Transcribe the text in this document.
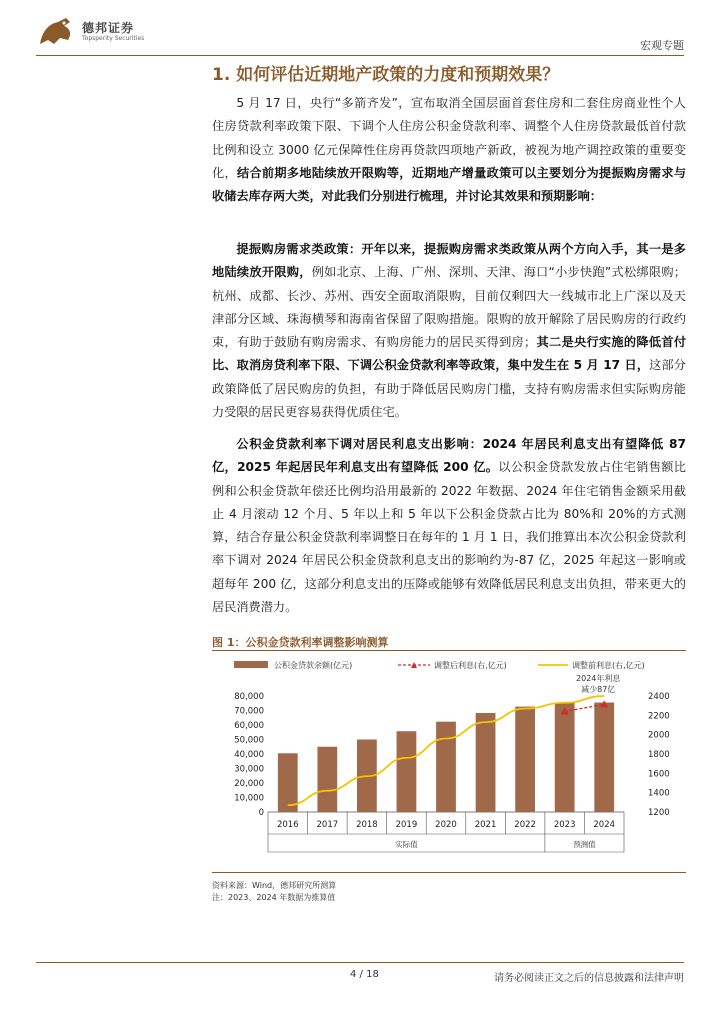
德邦证券
Topsperity Securities
宏观专题
1. 如何评估近期地产政策的力度和预期效果？

5 月 17 日，央行“多箭齐发”，宣布取消全国层面首套住房和二套住房商业性个人住房贷款利率政策下限、下调个人住房公积金贷款利率、调整个人住房贷款最低首付款比例和设立 3000 亿元保障性住房再贷款四项地产新政，被视为地产调控政策的重要变化，结合前期多地陆续放开限购等，近期地产增量政策可以主要划分为提振购房需求与收储去库存两大类，对此我们分别进行梳理，并讨论其效果和预期影响：

提振购房需求类政策：开年以来，提振购房需求类政策从两个方向入手，其一是多地陆续放开限购，例如北京、上海、广州、深圳、天津、海口“小步快跑”式松绑限购；杭州、成都、长沙、苏州、西安全面取消限购，目前仅剩四大一线城市北上广深以及天津部分区域、珠海横琴和海南省保留了限购措施。限购的放开解除了居民购房的行政约束，有助于鼓励有购房需求、有购房能力的居民买得到房；其二是央行实施的降低首付比、取消房贷利率下限、下调公积金贷款利率等政策，集中发生在 5 月 17 日，这部分政策降低了居民购房的负担，有助于降低居民购房门槛，支持有购房需求但实际购房能力受限的居民更容易获得优质住宅。

公积金贷款利率下调对居民利息支出影响：2024 年居民利息支出有望降低 87 亿，2025 年起居民年利息支出有望降低 200 亿。以公积金贷款发放占住宅销售额比例和公积金贷款年偿还比例均沿用最新的 2022 年数据、2024 年住宅销售金额采用截止 4 月滚动 12 个月、5 年以上和 5 年以下公积金贷款占比为 80%和 20%的方式测算，结合存量公积金贷款利率调整日在每年的 1 月 1 日，我们推算出本次公积金贷款利率下调对 2024 年居民公积金贷款利息支出的影响约为-87 亿，2025 年起这一影响或超每年 200 亿，这部分利息支出的压降或能够有效降低居民利息支出负担，带来更大的居民消费潜力。

图 1：公积金贷款利率调整影响测算
公积金贷款余额(亿元)	调整后利息(右,亿元)	调整前利息(右,亿元)
80,000
70,000
60,000
50,000
40,000
30,000
20,000
10,000
0
2400
2200
2000
1800
1600
1400
1200
2016 2017 2018 2019 2020 2021 2022 2023 2024
实际值	预测值
2024年利息
减少87亿
资料来源：Wind，德邦研究所测算
注：2023、2024 年数据为推算值
4 / 18	请务必阅读正文之后的信息披露和法律声明
